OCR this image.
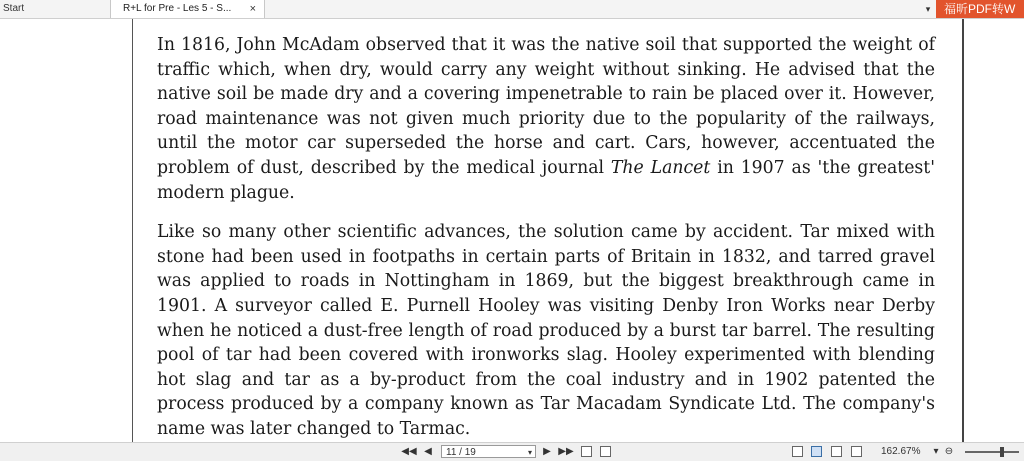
Start	R+L for Pre - Les 5 - S... ×	▾	福昕PDF转W

In 1816, John McAdam observed that it was the native soil that supported the weight of traffic which, when dry, would carry any weight without sinking. He advised that the native soil be made dry and a covering impenetrable to rain be placed over it. However, road maintenance was not given much priority due to the popularity of the railways, until the motor car superseded the horse and cart. Cars, however, accentuated the problem of dust, described by the medical journal The Lancet in 1907 as 'the greatest' modern plague.

Like so many other scientific advances, the solution came by accident. Tar mixed with stone had been used in footpaths in certain parts of Britain in 1832, and tarred gravel was applied to roads in Nottingham in 1869, but the biggest breakthrough came in 1901. A surveyor called E. Purnell Hooley was visiting Denby Iron Works near Derby when he noticed a dust-free length of road produced by a burst tar barrel. The resulting pool of tar had been covered with ironworks slag. Hooley experimented with blending hot slag and tar as a by-product from the coal industry and in 1902 patented the process produced by a company known as Tar Macadam Syndicate Ltd. The company's name was later changed to Tarmac.

◀◀ ◀	11 / 19	▾ ▶ ▶▶	162.67% ▾ ⊖
